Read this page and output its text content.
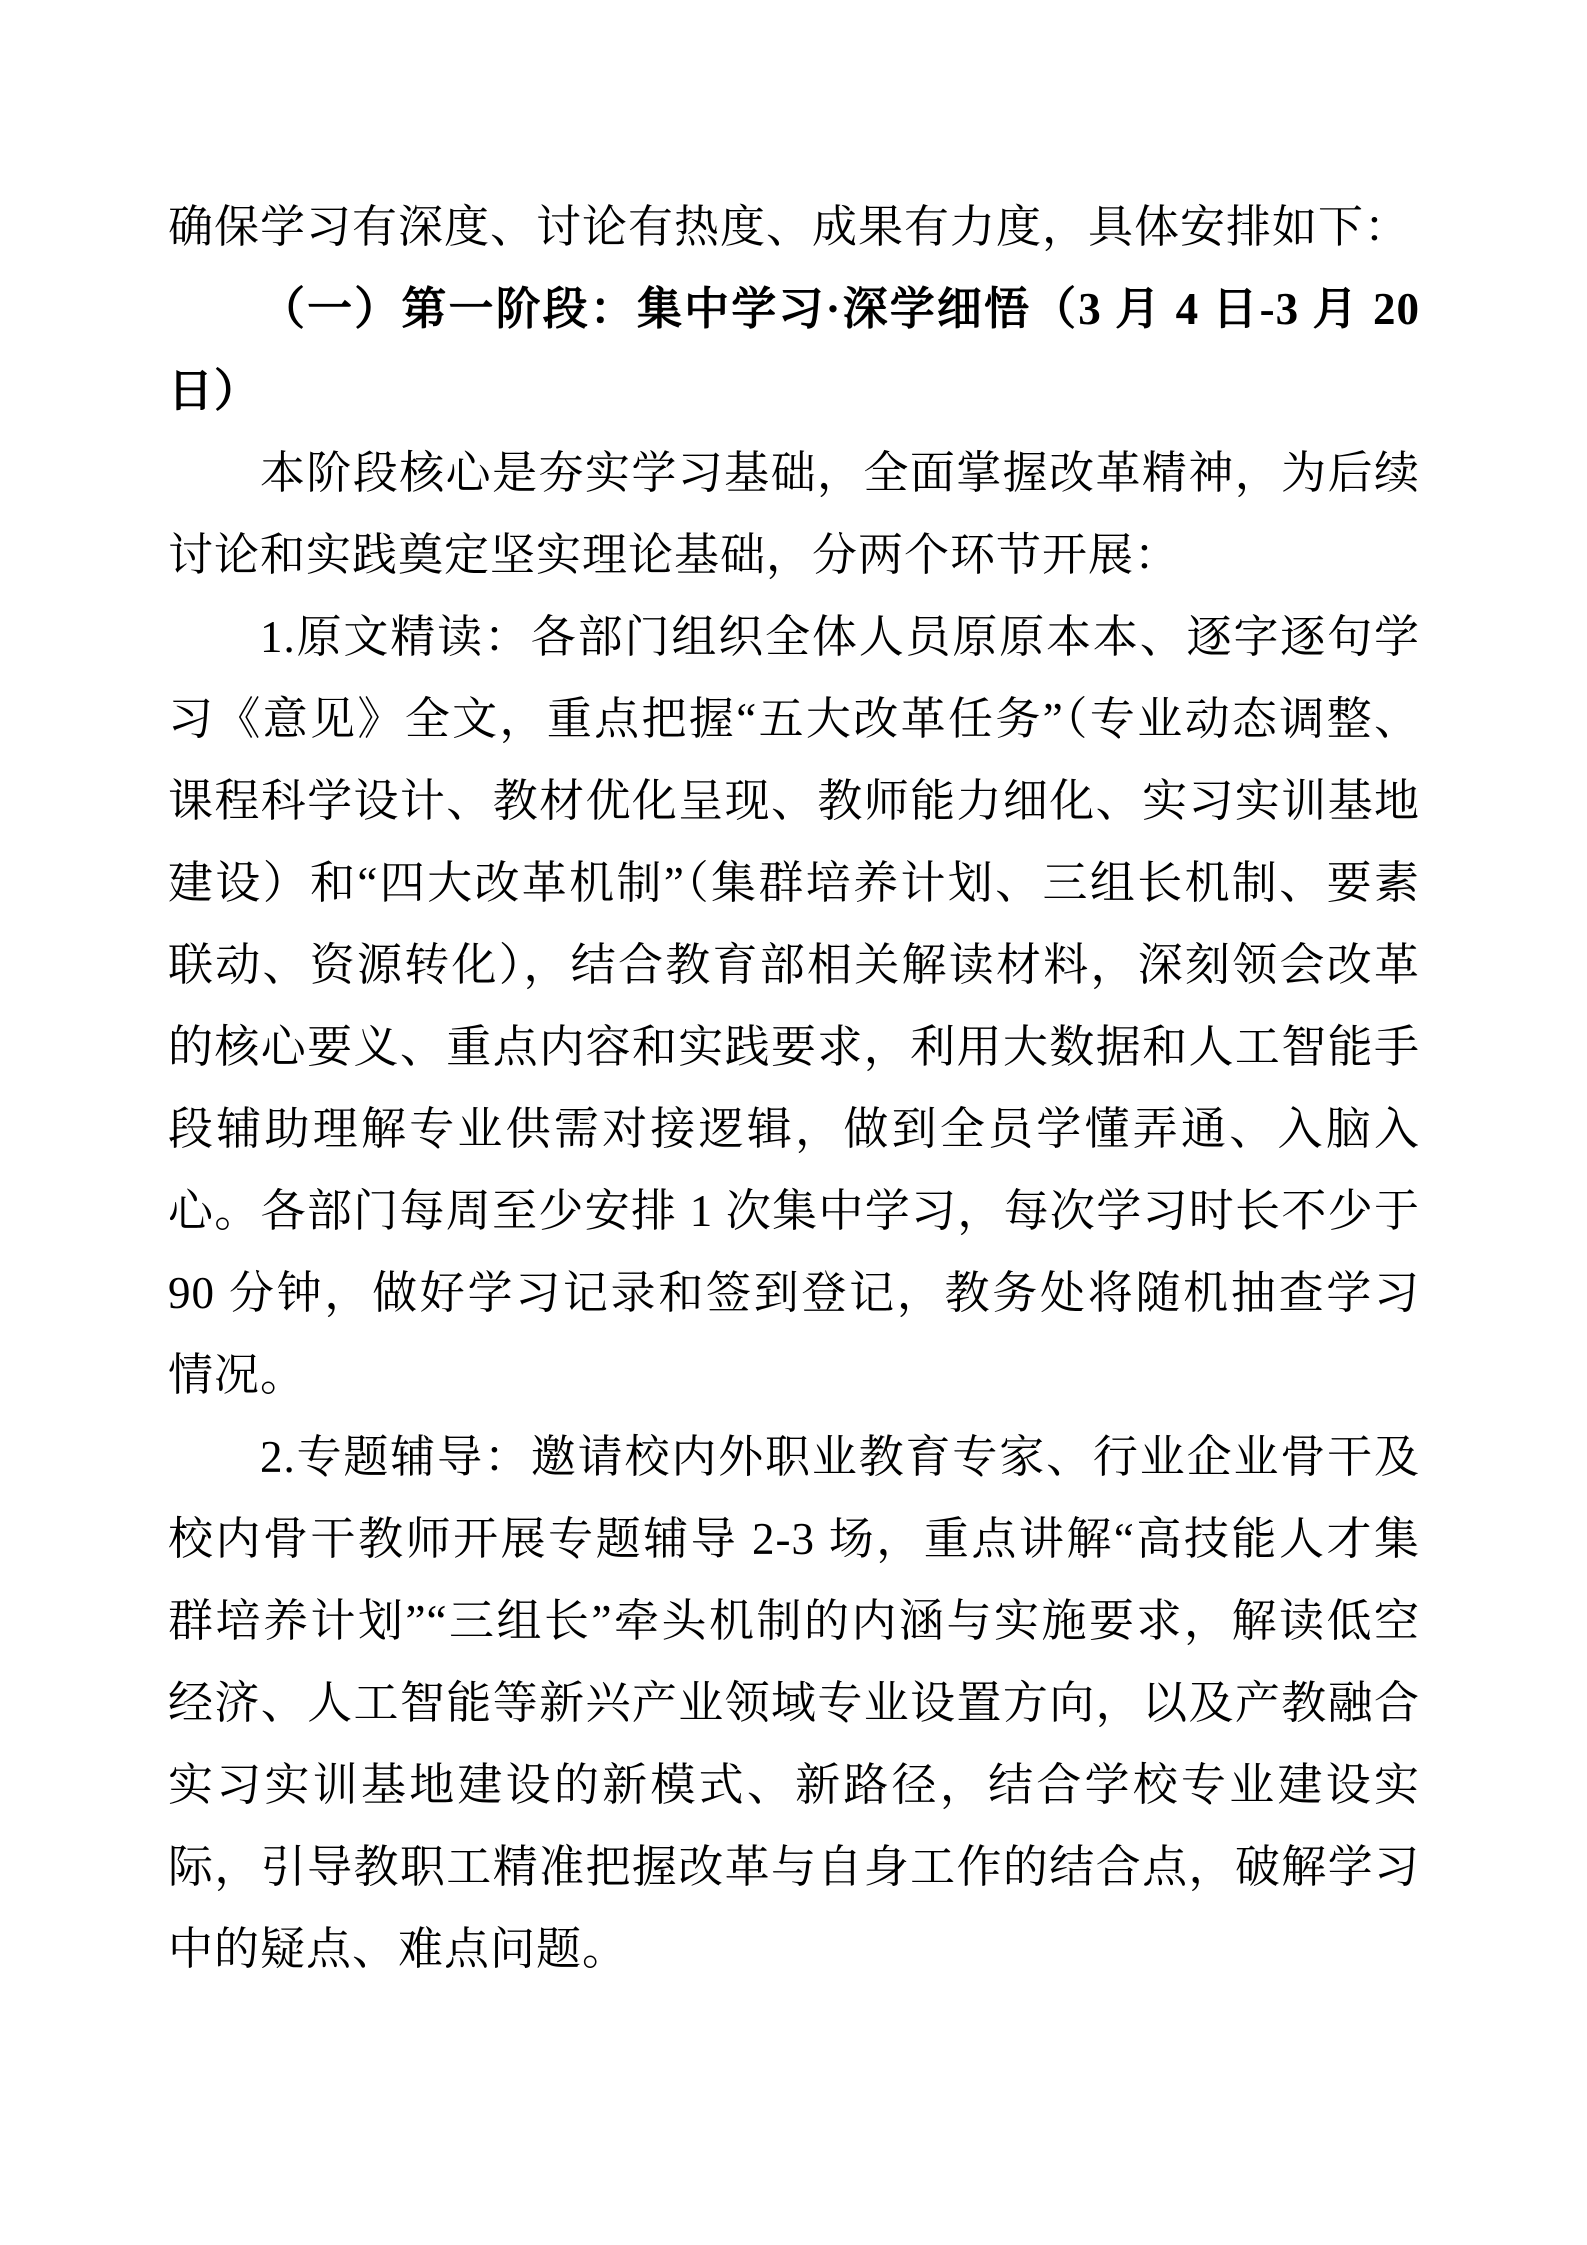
确保学习有深度、讨论有热度、成果有力度，具体安排如下：

（一）第一阶段：集中学习·深学细悟（3 月 4 日-3 月 20 日）

本阶段核心是夯实学习基础，全面掌握改革精神，为后续讨论和实践奠定坚实理论基础，分两个环节开展：

1.原文精读：各部门组织全体人员原原本本、逐字逐句学习《意见》全文，重点把握“五大改革任务”（专业动态调整、课程科学设计、教材优化呈现、教师能力细化、实习实训基地建设）和“四大改革机制”（集群培养计划、三组长机制、要素联动、资源转化），结合教育部相关解读材料，深刻领会改革的核心要义、重点内容和实践要求，利用大数据和人工智能手段辅助理解专业供需对接逻辑，做到全员学懂弄通、入脑入心。各部门每周至少安排 1 次集中学习，每次学习时长不少于 90 分钟，做好学习记录和签到登记，教务处将随机抽查学习情况。

2.专题辅导：邀请校内外职业教育专家、行业企业骨干及校内骨干教师开展专题辅导 2-3 场，重点讲解“高技能人才集群培养计划”“三组长”牵头机制的内涵与实施要求，解读低空经济、人工智能等新兴产业领域专业设置方向，以及产教融合实习实训基地建设的新模式、新路径，结合学校专业建设实际，引导教职工精准把握改革与自身工作的结合点，破解学习中的疑点、难点问题。
